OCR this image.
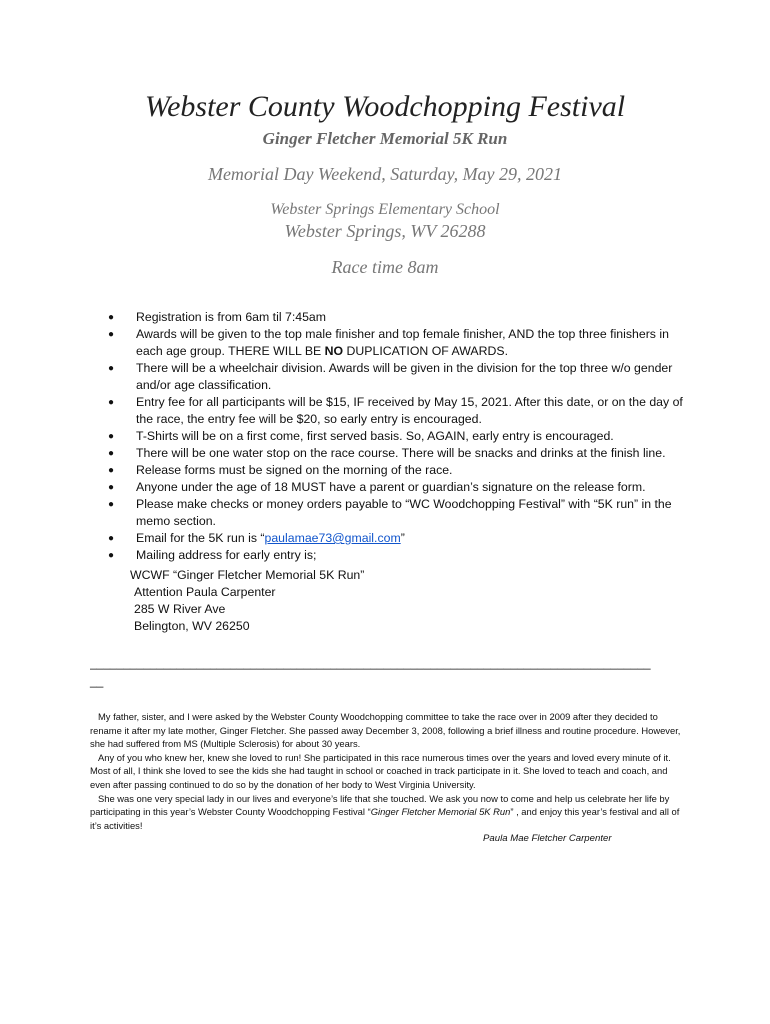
Webster County Woodchopping Festival
Ginger Fletcher Memorial 5K Run
Memorial Day Weekend, Saturday, May 29, 2021
Webster Springs Elementary School
Webster Springs, WV 26288
Race time 8am
●	Registration is from 6am til 7:45am
●	Awards will be given to the top male finisher and top female finisher, AND the top three finishers in each age group. THERE WILL BE NO DUPLICATION OF AWARDS.
●	There will be a wheelchair division. Awards will be given in the division for the top three w/o gender and/or age classification.
●	Entry fee for all participants will be $15, IF received by May 15, 2021. After this date, or on the day of the race, the entry fee will be $20, so early entry is encouraged.
●	T-Shirts will be on a first come, first served basis. So, AGAIN, early entry is encouraged.
●	There will be one water stop on the race course. There will be snacks and drinks at the finish line.
●	Release forms must be signed on the morning of the race.
●	Anyone under the age of 18 MUST have a parent or guardian’s signature on the release form.
●	Please make checks or money orders payable to “WC Woodchopping Festival” with “5K run” in the memo section.
●	Email for the 5K run is “paulamae73@gmail.com”
●	Mailing address for early entry is;
WCWF “Ginger Fletcher Memorial 5K Run”
Attention Paula Carpenter
285 W River Ave
Belington, WV 26250
____________________________________________________________________________________
__

My father, sister, and I were asked by the Webster County Woodchopping committee to take the race over in 2009 after they decided to rename it after my late mother, Ginger Fletcher. She passed away December 3, 2008, following a brief illness and routine procedure. However, she had suffered from MS (Multiple Sclerosis) for about 30 years.

Any of you who knew her, knew she loved to run! She participated in this race numerous times over the years and loved every minute of it. Most of all, I think she loved to see the kids she had taught in school or coached in track participate in it. She loved to teach and coach, and even after passing continued to do so by the donation of her body to West Virginia University.

She was one very special lady in our lives and everyone’s life that she touched. We ask you now to come and help us celebrate her life by participating in this year’s Webster County Woodchopping Festival “Ginger Fletcher Memorial 5K Run” , and enjoy this year’s festival and all of it’s activities!

Paula Mae Fletcher Carpenter
